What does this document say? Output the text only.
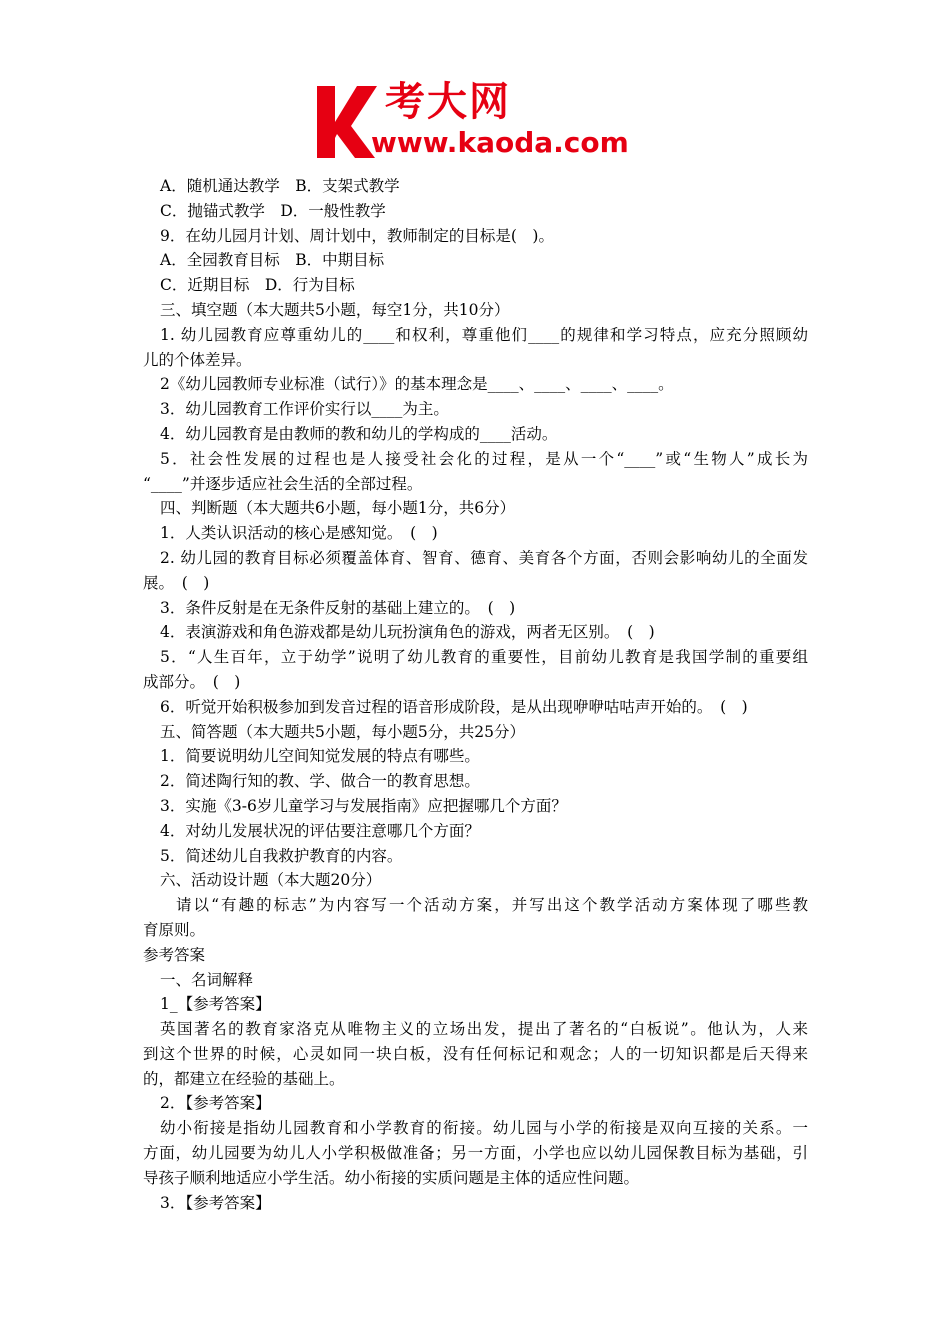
考大网
www.kaoda.com
A．随机通达教学　B．支架式教学
C．抛锚式教学　D．一般性教学
9．在幼儿园月计划、周计划中，教师制定的目标是(　)。
A．全园教育目标　B．中期目标
C．近期目标　D．行为目标
三、填空题（本大题共5小题，每空1分，共10分）
1. 幼儿园教育应尊重幼儿的____和权利，尊重他们____的规律和学习特点，应充分照顾幼
儿的个体差异。
2《幼儿园教师专业标准（试行）》的基本理念是____、____、____、____。
3．幼儿园教育工作评价实行以____为主。
4．幼儿园教育是由教师的教和幼儿的学构成的____活动。
5．社会性发展的过程也是人接受社会化的过程，是从一个“____”或“生物人”成长为
“____”并逐步适应社会生活的全部过程。
四、判断题（本大题共6小题，每小题1分，共6分）
1．人类认识活动的核心是感知觉。　(　)
2. 幼儿园的教育目标必须覆盖体育、智育、德育、美育各个方面，否则会影响幼儿的全面发
展。　(　)
3．条件反射是在无条件反射的基础上建立的。　(　)
4．表演游戏和角色游戏都是幼儿玩扮演角色的游戏，两者无区别。　(　)
5．“人生百年，立于幼学”说明了幼儿教育的重要性，目前幼儿教育是我国学制的重要组
成部分。　(　)
6．听觉开始积极参加到发音过程的语音形成阶段，是从出现咿咿咕咕声开始的。　(　)
五、简答题（本大题共5小题，每小题5分，共25分）
1．简要说明幼儿空间知觉发展的特点有哪些。
2．简述陶行知的教、学、做合一的教育思想。
3．实施《3-6岁儿童学习与发展指南》应把握哪几个方面？
4．对幼儿发展状况的评估要注意哪几个方面？
5．简述幼儿自我救护教育的内容。
六、活动设计题（本大题20分）
请以“有趣的标志”为内容写一个活动方案，并写出这个教学活动方案体现了哪些教
育原则。
参考答案
一、名词解释
1_【参考答案】
英国著名的教育家洛克从唯物主义的立场出发，提出了著名的“白板说”。他认为，人来
到这个世界的时候，心灵如同一块白板，没有任何标记和观念；人的一切知识都是后天得来
的，都建立在经验的基础上。
2．【参考答案】
幼小衔接是指幼儿园教育和小学教育的衔接。幼儿园与小学的衔接是双向互接的关系。一
方面，幼儿园要为幼儿人小学积极做准备；另一方面，小学也应以幼儿园保教目标为基础，引
导孩子顺利地适应小学生活。幼小衔接的实质问题是主体的适应性问题。
3．【参考答案】
